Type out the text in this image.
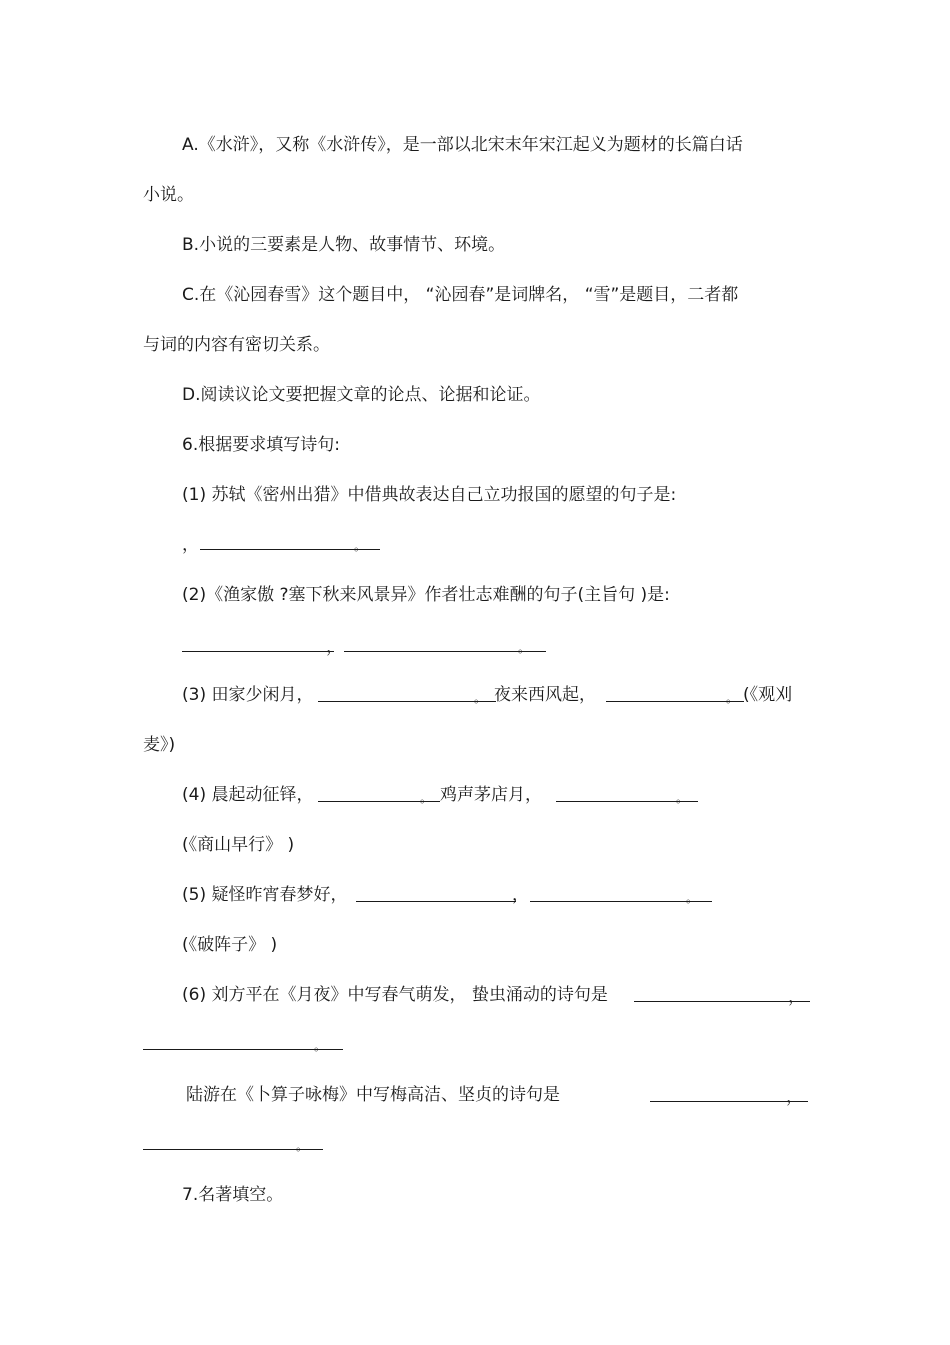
A.《水浒》，又称《水浒传》，是一部以北宋末年宋江起义为题材的长篇白话
小说。
B.小说的三要素是人物、故事情节、环境。
C.在《沁园春雪》这个题目中， “沁园春”是词牌名， “雪”是题目，二者都
与词的内容有密切关系。
D.阅读议论文要把握文章的论点、论据和论证。
6.根据要求填写诗句:
(1) 苏轼《密州出猎》中借典故表达自己立功报国的愿望的句子是:
，	。
(2)《渔家傲 ?塞下秋来风景异》作者壮志难酬的句子(主旨句 )是:
，	。
(3) 田家少闲月，	。 夜来西风起，	。 (《观刈
麦》)
(4) 晨起动征铎，	。 鸡声茅店月，	。
(《商山早行》 )
(5) 疑怪昨宵春梦好，	，	。
(《破阵子》 )
(6) 刘方平在《月夜》中写春气萌发， 蛰虫涌动的诗句是	，
。
陆游在《卜算子咏梅》中写梅高洁、坚贞的诗句是	，
。
7.名著填空。
